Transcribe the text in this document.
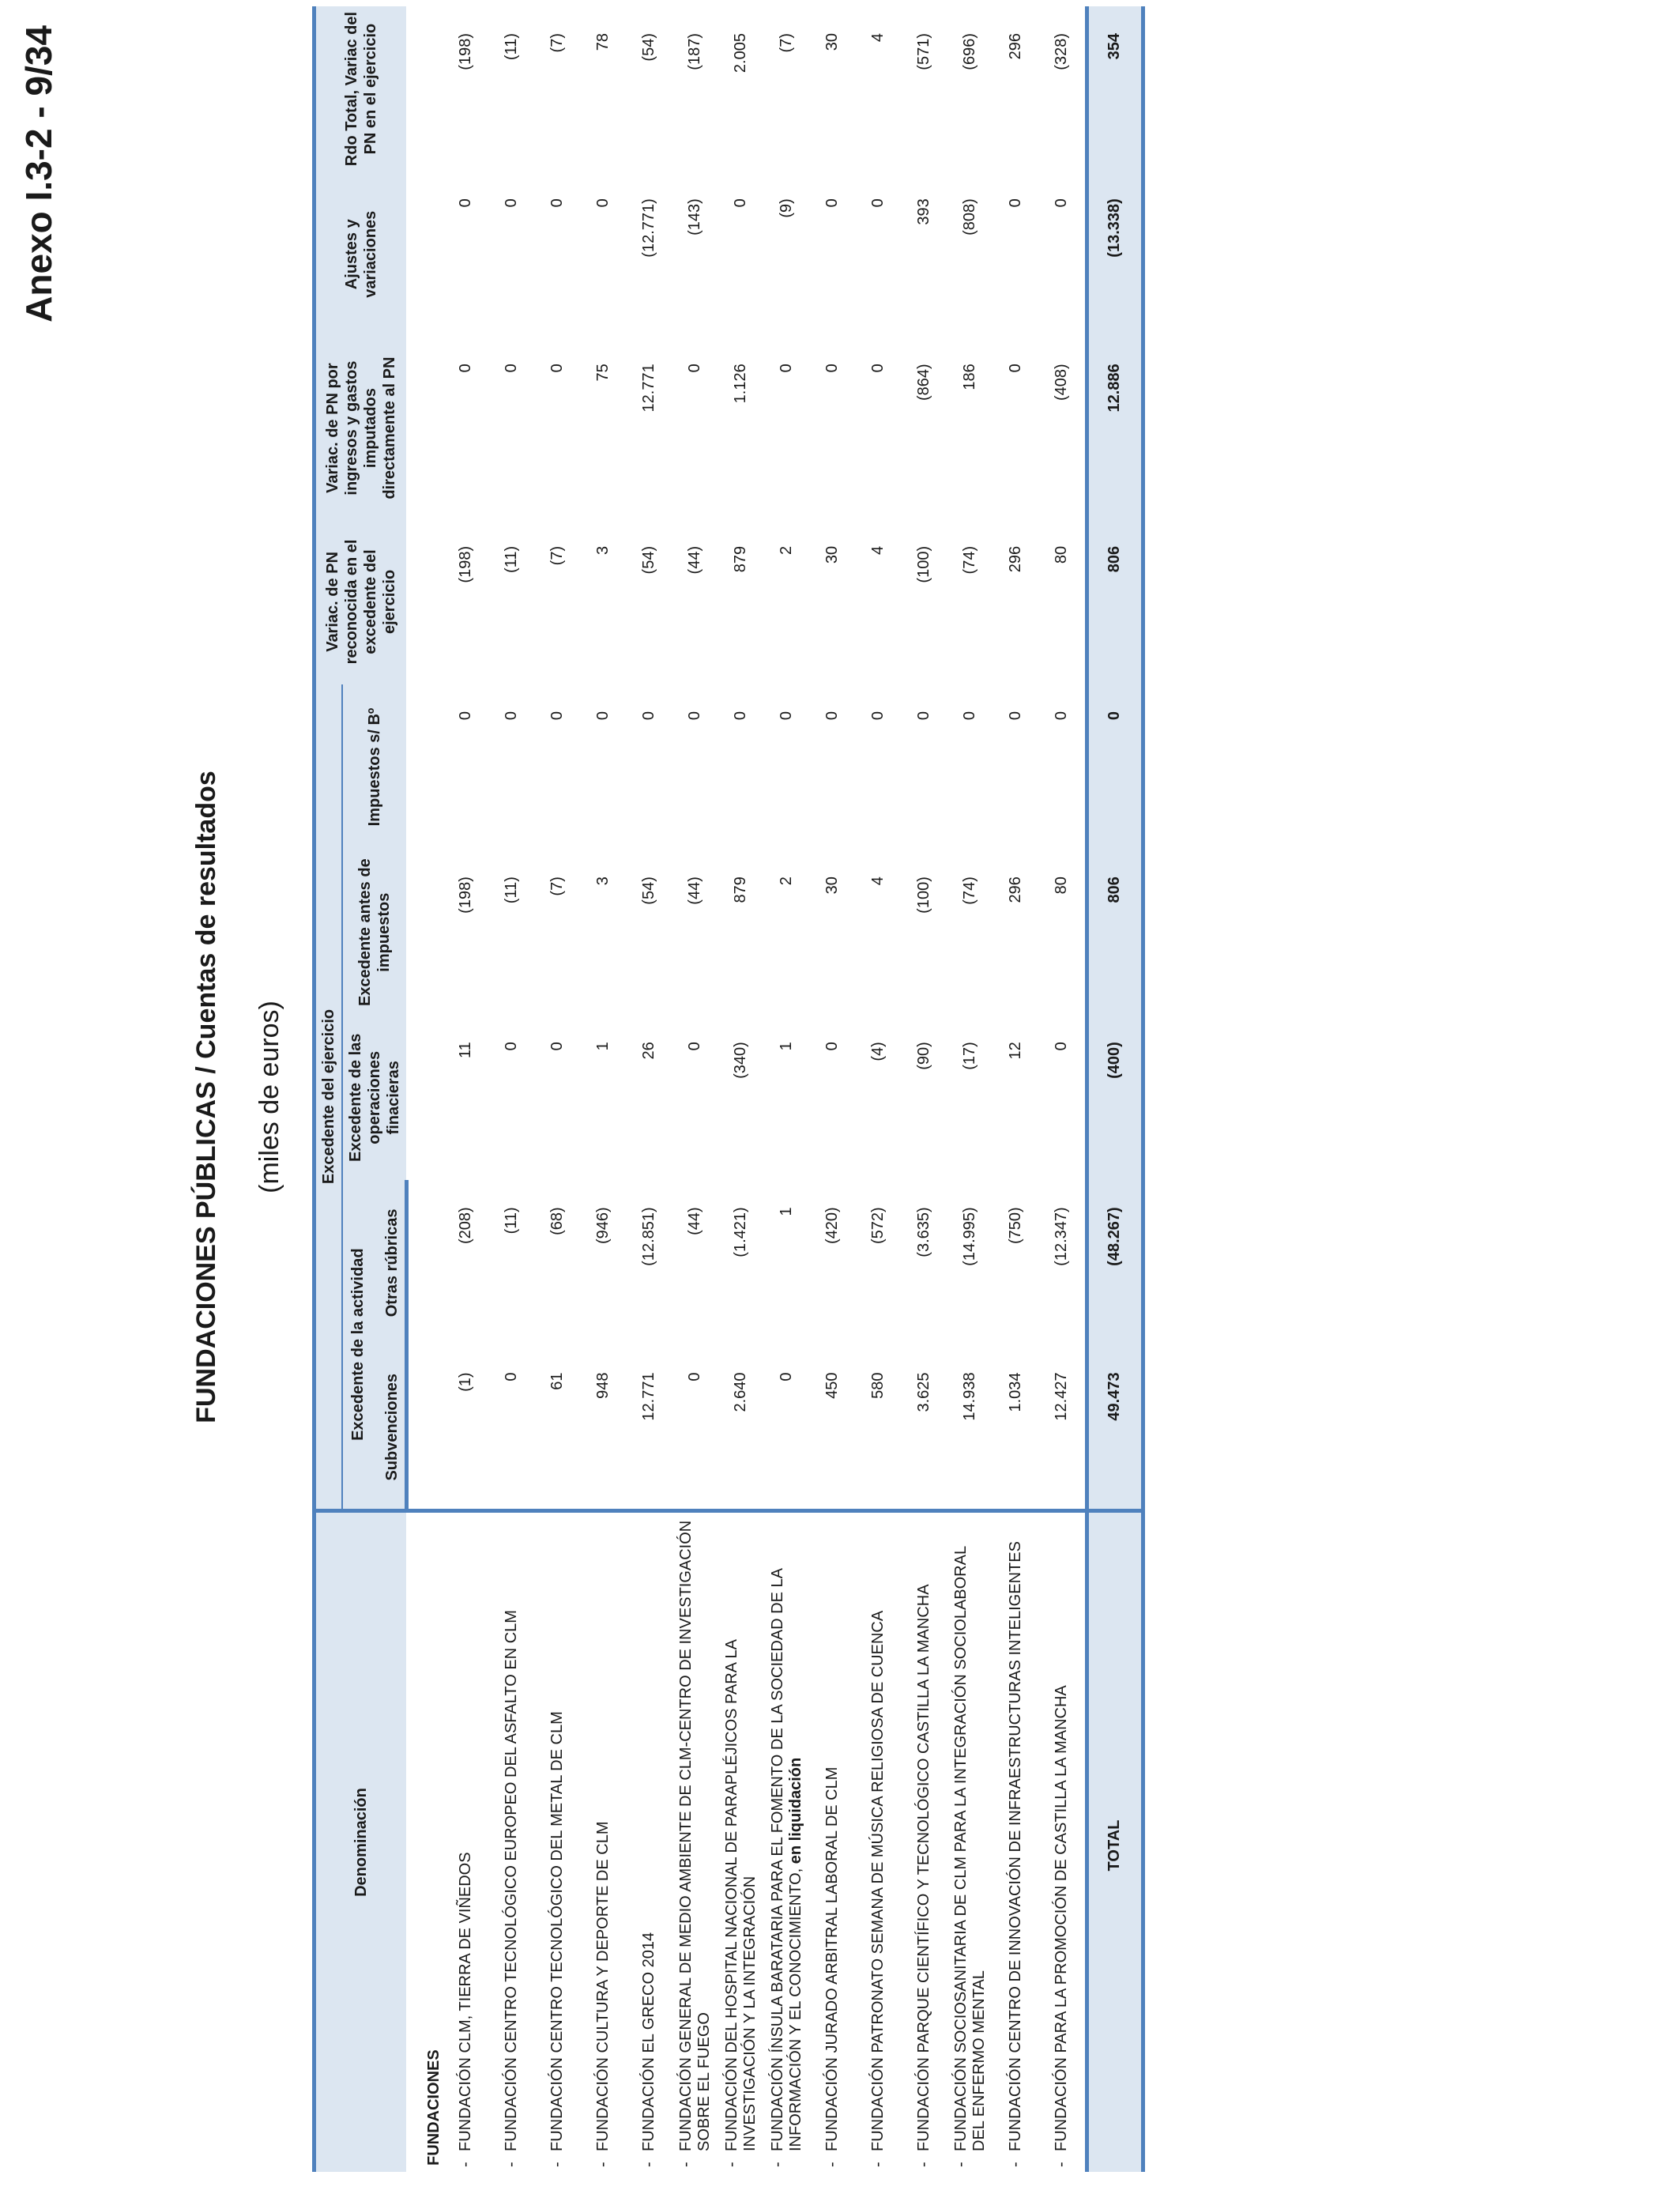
Anexo I.3-2 - 9/34
FUNDACIONES PÚBLICAS / Cuentas de resultados (miles de euros)
Denominación	Excedente del ejercicio					Variac. de PN reconocida en el excedente del ejercicio	Variac. de PN por ingresos y gastos imputados directamente al PN	Ajustes y variaciones	Rdo Total, Variac del PN en el ejercicio
	Excedente de la actividad		Excedente de las operaciones finacieras	Excedente antes de impuestos	Impuestos s/ Bº				
	Subvenciones	Otras rúbricas							
FUNDACIONES									

-
FUNDACIÓN CLM, TIERRA DE VIÑEDOS	(1)	(208)	11	(198)	0	(198)	0	0	(198)

-
FUNDACIÓN CENTRO TECNOLÓGICO EUROPEO DEL ASFALTO EN CLM	0	(11)	0	(11)	0	(11)	0	0	(11)

-
FUNDACIÓN CENTRO TECNOLÓGICO DEL METAL DE CLM	61	(68)	0	(7)	0	(7)	0	0	(7)

-
FUNDACIÓN CULTURA Y DEPORTE DE CLM	948	(946)	1	3	0	3	75	0	78

-
FUNDACIÓN EL GRECO 2014	12.771	(12.851)	26	(54)	0	(54)	12.771	(12.771)	(54)

-
FUNDACIÓN GENERAL DE MEDIO AMBIENTE DE CLM-CENTRO DE INVESTIGACIÓN SOBRE EL FUEGO	0	(44)	0	(44)	0	(44)	0	(143)	(187)

-
FUNDACIÓN DEL HOSPITAL NACIONAL DE PARAPLÉJICOS PARA LA INVESTIGACIÓN Y LA INTEGRACIÓN	2.640	(1.421)	(340)	879	0	879	1.126	0	2.005

-
FUNDACIÓN ÍNSULA BARATARIA PARA EL FOMENTO DE LA SOCIEDAD DE LA INFORMACIÓN Y EL CONOCIMIENTO, en liquidación	0	1	1	2	0	2	0	(9)	(7)

-
FUNDACIÓN JURADO ARBITRAL LABORAL DE CLM	450	(420)	0	30	0	30	0	0	30

-
FUNDACIÓN PATRONATO SEMANA DE MÚSICA RELIGIOSA DE CUENCA	580	(572)	(4)	4	0	4	0	0	4

-
FUNDACIÓN PARQUE CIENTÍFICO Y TECNOLÓGICO CASTILLA LA MANCHA	3.625	(3.635)	(90)	(100)	0	(100)	(864)	393	(571)

-
FUNDACIÓN SOCIOSANITARIA DE CLM PARA LA INTEGRACIÓN SOCIOLABORAL DEL ENFERMO MENTAL	14.938	(14.995)	(17)	(74)	0	(74)	186	(808)	(696)

-
FUNDACIÓN CENTRO DE INNOVACIÓN DE INFRAESTRUCTURAS INTELIGENTES	1.034	(750)	12	296	0	296	0	0	296

-
FUNDACIÓN PARA LA PROMOCIÓN DE CASTILLA LA MANCHA	12.427	(12.347)	0	80	0	80	(408)	0	(328)
TOTAL	49.473	(48.267)	(400)	806	0	806	12.886	(13.338)	354
